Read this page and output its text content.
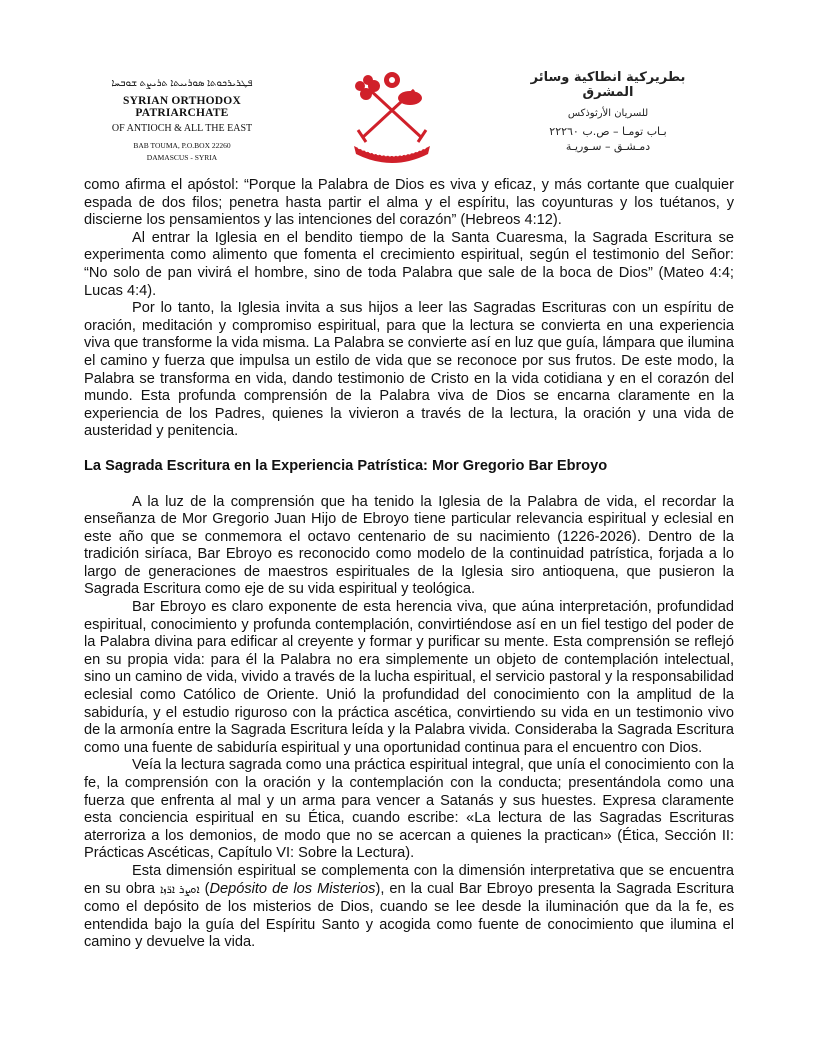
ܦܛܪܝܪܟܘܬܐ ܣܘܪܝܝܬܐ ܬܪܝܨܬ ܫܘܒܚܐ
SYRIAN ORTHODOX PATRIARCHATE
OF ANTIOCH & ALL THE EAST
BAB TOUMA, P.O.BOX 22260
DAMASCUS - SYRIA
بطريركية انطاكية وسائر المشرق
للسريان الأرثوذكس
بـاب تومـا – ص.ب ٢٢٢٦٠
دمـشـق – سـوريـة

como afirma el apóstol: “Porque la Palabra de Dios es viva y eficaz, y más cortante que cualquier espada de dos filos; penetra hasta partir el alma y el espíritu, las coyunturas y los tuétanos, y discierne los pensamientos y las intenciones del corazón” (Hebreos 4:12).

Al entrar la Iglesia en el bendito tiempo de la Santa Cuaresma, la Sagrada Escritura se experimenta como alimento que fomenta el crecimiento espiritual, según el testimonio del Señor: “No solo de pan vivirá el hombre, sino de toda Palabra que sale de la boca de Dios” (Mateo 4:4; Lucas 4:4).

Por lo tanto, la Iglesia invita a sus hijos a leer las Sagradas Escrituras con un espíritu de oración, meditación y compromiso espiritual, para que la lectura se convierta en una experiencia viva que transforme la vida misma. La Palabra se convierte así en luz que guía, lámpara que ilumina el camino y fuerza que impulsa un estilo de vida que se reconoce por sus frutos. De este modo, la Palabra se transforma en vida, dando testimonio de Cristo en la vida cotidiana y en el corazón del mundo. Esta profunda comprensión de la Palabra viva de Dios se encarna claramente en la experiencia de los Padres, quienes la vivieron a través de la lectura, la oración y una vida de austeridad y penitencia.

La Sagrada Escritura en la Experiencia Patrística: Mor Gregorio Bar Ebroyo

A la luz de la comprensión que ha tenido la Iglesia de la Palabra de vida, el recordar la enseñanza de Mor Gregorio Juan Hijo de Ebroyo tiene particular relevancia espiritual y eclesial en este año que se conmemora el octavo centenario de su nacimiento (1226-2026). Dentro de la tradición siríaca, Bar Ebroyo es reconocido como modelo de la continuidad patrística, forjada a lo largo de generaciones de maestros espirituales de la Iglesia siro antioquena, que pusieron la Sagrada Escritura como eje de su vida espiritual y teológica.

Bar Ebroyo es claro exponente de esta herencia viva, que aúna interpretación, profundidad espiritual, conocimiento y profunda contemplación, convirtiéndose así en un fiel testigo del poder de la Palabra divina para edificar al creyente y formar y purificar su mente. Esta comprensión se reflejó en su propia vida: para él la Palabra no era simplemente un objeto de contemplación intelectual, sino un camino de vida, vivido a través de la lucha espiritual, el servicio pastoral y la responsabilidad eclesial como Católico de Oriente. Unió la profundidad del conocimiento con la amplitud de la sabiduría, y el estudio riguroso con la práctica ascética, convirtiendo su vida en un testimonio vivo de la armonía entre la Sagrada Escritura leída y la Palabra vivida. Consideraba la Sagrada Escritura como una fuente de sabiduría espiritual y una oportunidad continua para el encuentro con Dios.

Veía la lectura sagrada como una práctica espiritual integral, que unía el conocimiento con la fe, la comprensión con la oración y la contemplación con la conducta; presentándola como una fuerza que enfrenta al mal y un arma para vencer a Satanás y sus huestes. Expresa claramente esta conciencia espiritual en su Ética, cuando escribe: «La lectura de las Sagradas Escrituras aterroriza a los demonios, de modo que no se acercan a quienes la practican» (Ética, Sección II: Prácticas Ascéticas, Capítulo VI: Sobre la Lectura).

Esta dimensión espiritual se complementa con la dimensión interpretativa que se encuentra en su obra ܐܘܨܪ ܐܪ̈ܙܐ (Depósito de los Misterios), en la cual Bar Ebroyo presenta la Sagrada Escritura como el depósito de los misterios de Dios, cuando se lee desde la iluminación que da la fe, es entendida bajo la guía del Espíritu Santo y acogida como fuente de conocimiento que ilumina el camino y devuelve la vida.
